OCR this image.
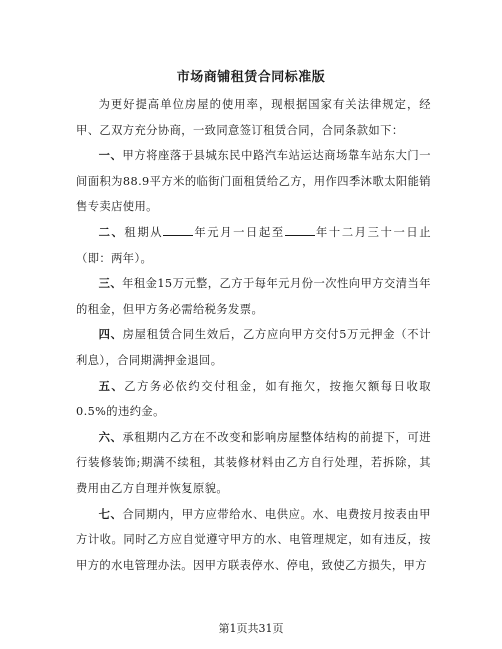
市场商铺租赁合同标准版

为更好提高单位房屋的使用率，现根据国家有关法律规定，经甲、乙双方充分协商，一致同意签订租赁合同，合同条款如下：

一、甲方将座落于县城东民中路汽车站运达商场靠车站东大门一间面积为88.9平方米的临街门面租赁给乙方，用作四季沐歌太阳能销售专卖店使用。

二、租期从	年元月一日起至	年十二月三十一日止（即：两年）。

三、年租金15万元整，乙方于每年元月份一次性向甲方交清当年的租金，但甲方务必需给税务发票。

四、房屋租赁合同生效后，乙方应向甲方交付5万元押金（不计利息），合同期满押金退回。

五、乙方务必依约交付租金，如有拖欠，按拖欠额每日收取0.5%的违约金。

六、承租期内乙方在不改变和影响房屋整体结构的前提下，可进行装修装饰;期满不续租，其装修材料由乙方自行处理，若拆除，其费用由乙方自理并恢复原貌。

七、合同期内，甲方应带给水、电供应。水、电费按月按表由甲方计收。同时乙方应自觉遵守甲方的水、电管理规定，如有违反，按甲方的水电管理办法。因甲方联表停水、停电，致使乙方损失，甲方

第1页共31页
